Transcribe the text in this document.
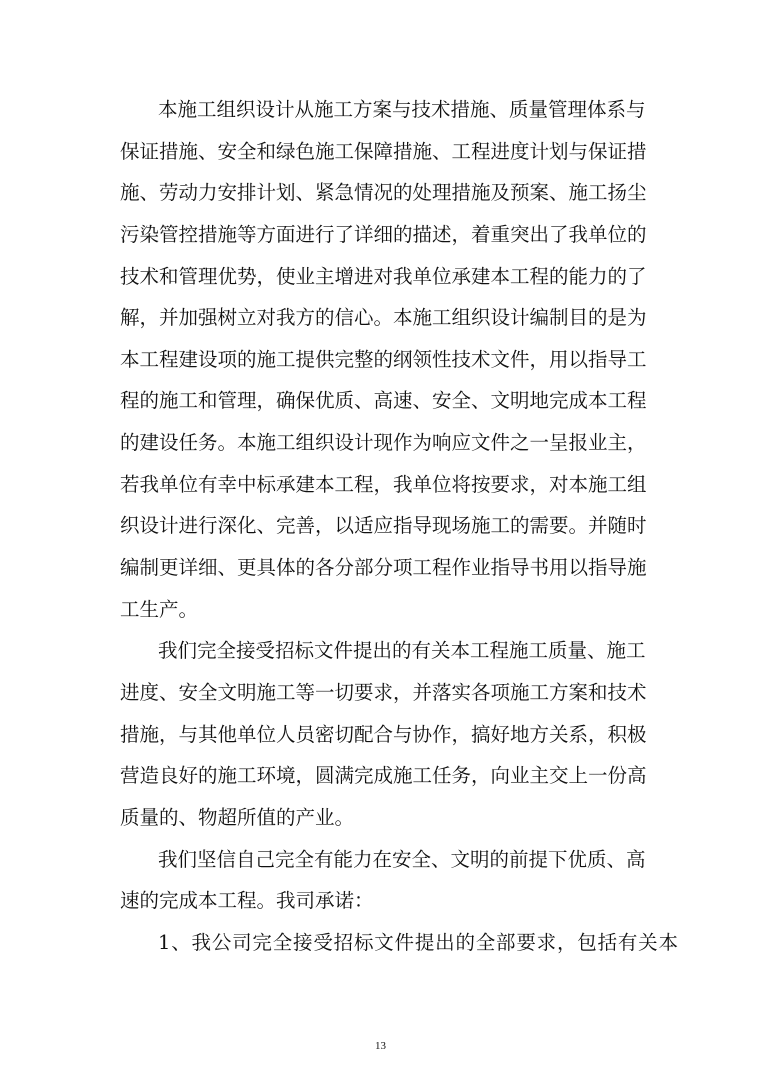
本施工组织设计从施工方案与技术措施、质量管理体系与
保证措施、安全和绿色施工保障措施、工程进度计划与保证措
施、劳动力安排计划、紧急情况的处理措施及预案、施工扬尘
污染管控措施等方面进行了详细的描述，着重突出了我单位的
技术和管理优势，使业主增进对我单位承建本工程的能力的了
解，并加强树立对我方的信心。本施工组织设计编制目的是为
本工程建设项的施工提供完整的纲领性技术文件，用以指导工
程的施工和管理，确保优质、高速、安全、文明地完成本工程
的建设任务。本施工组织设计现作为响应文件之一呈报业主，
若我单位有幸中标承建本工程，我单位将按要求，对本施工组
织设计进行深化、完善，以适应指导现场施工的需要。并随时
编制更详细、更具体的各分部分项工程作业指导书用以指导施
工生产。
我们完全接受招标文件提出的有关本工程施工质量、施工
进度、安全文明施工等一切要求，并落实各项施工方案和技术
措施，与其他单位人员密切配合与协作，搞好地方关系，积极
营造良好的施工环境，圆满完成施工任务，向业主交上一份高
质量的、物超所值的产业。
我们坚信自己完全有能力在安全、文明的前提下优质、高
速的完成本工程。我司承诺：
1、我公司完全接受招标文件提出的全部要求，包括有关本
13
